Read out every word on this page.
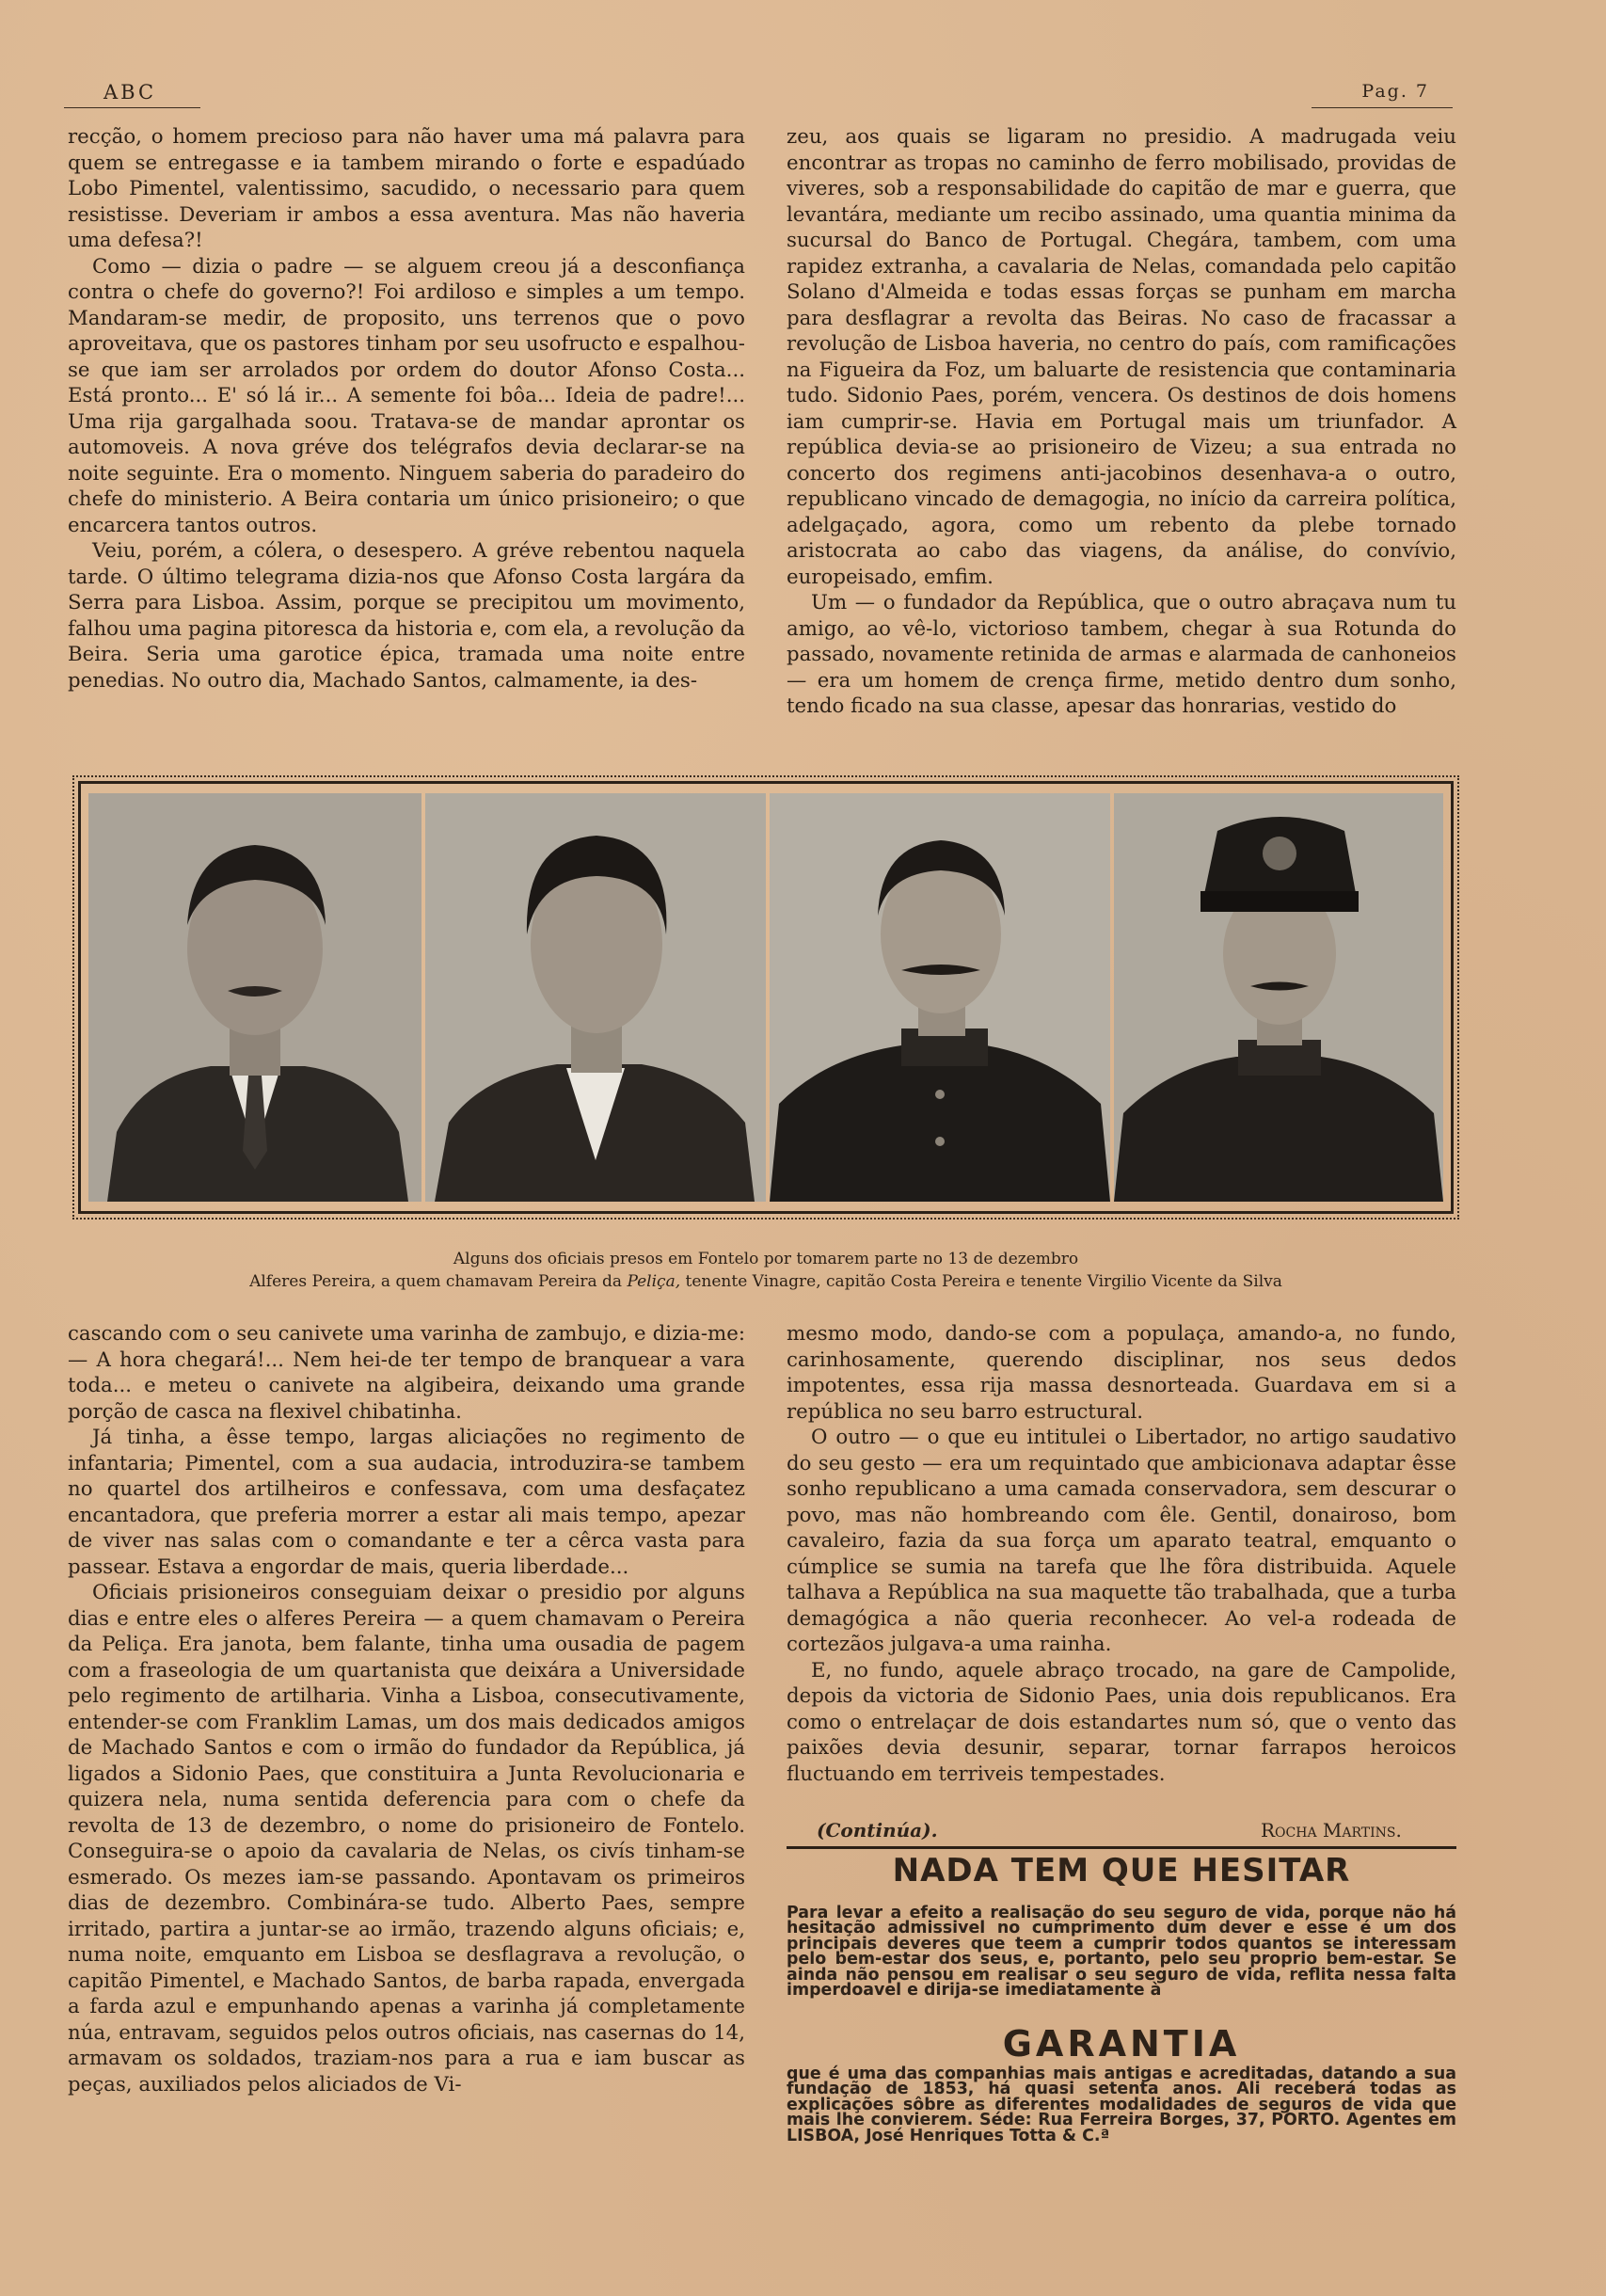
ABC	Pag. 7

recção, o homem precioso para não haver uma má palavra para quem se entregasse e ia tambem mirando o forte e espadúado Lobo Pimentel, valentissimo, sacudido, o necessario para quem resistisse. Deveriam ir ambos a essa aventura. Mas não haveria uma defesa?!

Como — dizia o padre — se alguem creou já a desconfiança contra o chefe do governo?! Foi ardiloso e simples a um tempo. Mandaram-se medir, de proposito, uns terrenos que o povo aproveitava, que os pastores tinham por seu usofructo e espalhou-se que iam ser arrolados por ordem do doutor Afonso Costa... Está pronto... E' só lá ir... A semente foi bôa... Ideia de padre!... Uma rija gargalhada soou. Tratava-se de mandar aprontar os automoveis. A nova gréve dos telégrafos devia declarar-se na noite seguinte. Era o momento. Ninguem saberia do paradeiro do chefe do ministerio. A Beira contaria um único prisioneiro; o que encarcera tantos outros.

Veiu, porém, a cólera, o desespero. A gréve rebentou naquela tarde. O último telegrama dizia-nos que Afonso Costa largára da Serra para Lisboa. Assim, porque se precipitou um movimento, falhou uma pagina pitoresca da historia e, com ela, a revolução da Beira. Seria uma garotice épica, tramada uma noite entre penedias. No outro dia, Machado Santos, calmamente, ia des-

zeu, aos quais se ligaram no presidio. A madrugada veiu encontrar as tropas no caminho de ferro mobilisado, providas de viveres, sob a responsabilidade do capitão de mar e guerra, que levantára, mediante um recibo assinado, uma quantia minima da sucursal do Banco de Portugal. Chegára, tambem, com uma rapidez extranha, a cavalaria de Nelas, comandada pelo capitão Solano d'Almeida e todas essas forças se punham em marcha para desflagrar a revolta das Beiras. No caso de fracassar a revolução de Lisboa haveria, no centro do país, com ramificações na Figueira da Foz, um baluarte de resistencia que contaminaria tudo. Sidonio Paes, porém, vencera. Os destinos de dois homens iam cumprir-se. Havia em Portugal mais um triunfador. A república devia-se ao prisioneiro de Vizeu; a sua entrada no concerto dos regimens anti-jacobinos desenhava-a o outro, republicano vincado de demagogia, no início da carreira política, adelgaçado, agora, como um rebento da plebe tornado aristocrata ao cabo das viagens, da análise, do convívio, europeisado, emfim.

Um — o fundador da República, que o outro abraçava num tu amigo, ao vê-lo, victorioso tambem, chegar à sua Rotunda do passado, novamente retinida de armas e alarmada de canhoneios — era um homem de crença firme, metido dentro dum sonho, tendo ficado na sua classe, apesar das honrarias, vestido do

Alguns dos oficiais presos em Fontelo por tomarem parte no 13 de dezembro
Alferes Pereira, a quem chamavam Pereira da Peliça, tenente Vinagre, capitão Costa Pereira e tenente Virgilio Vicente da Silva

cascando com o seu canivete uma varinha de zambujo, e dizia-me: — A hora chegará!... Nem hei-de ter tempo de branquear a vara toda... e meteu o canivete na algibeira, deixando uma grande porção de casca na flexivel chibatinha.

Já tinha, a êsse tempo, largas aliciações no regimento de infantaria; Pimentel, com a sua audacia, introduzira-se tambem no quartel dos artilheiros e confessava, com uma desfaçatez encantadora, que preferia morrer a estar ali mais tempo, apezar de viver nas salas com o comandante e ter a cêrca vasta para passear. Estava a engordar de mais, queria liberdade...

Oficiais prisioneiros conseguiam deixar o presidio por alguns dias e entre eles o alferes Pereira — a quem chamavam o Pereira da Peliça. Era janota, bem falante, tinha uma ousadia de pagem com a fraseologia de um quartanista que deixára a Universidade pelo regimento de artilharia. Vinha a Lisboa, consecutivamente, entender-se com Franklim Lamas, um dos mais dedicados amigos de Machado Santos e com o irmão do fundador da República, já ligados a Sidonio Paes, que constituira a Junta Revolucionaria e quizera nela, numa sentida deferencia para com o chefe da revolta de 13 de dezembro, o nome do prisioneiro de Fontelo. Conseguira-se o apoio da cavalaria de Nelas, os civís tinham-se esmerado. Os mezes iam-se passando. Apontavam os primeiros dias de dezembro. Combinára-se tudo. Alberto Paes, sempre irritado, partira a juntar-se ao irmão, trazendo alguns oficiais; e, numa noite, emquanto em Lisboa se desflagrava a revolução, o capitão Pimentel, e Machado Santos, de barba rapada, envergada a farda azul e empunhando apenas a varinha já completamente núa, entravam, seguidos pelos outros oficiais, nas casernas do 14, armavam os soldados, traziam-nos para a rua e iam buscar as peças, auxiliados pelos aliciados de Vi-

mesmo modo, dando-se com a populaça, amando-a, no fundo, carinhosamente, querendo disciplinar, nos seus dedos impotentes, essa rija massa desnorteada. Guardava em si a república no seu barro estructural.

O outro — o que eu intitulei o Libertador, no artigo saudativo do seu gesto — era um requintado que ambicionava adaptar êsse sonho republicano a uma camada conservadora, sem descurar o povo, mas não hombreando com êle. Gentil, donairoso, bom cavaleiro, fazia da sua força um aparato teatral, emquanto o cúmplice se sumia na tarefa que lhe fôra distribuida. Aquele talhava a República na sua maquette tão trabalhada, que a turba demagógica a não queria reconhecer. Ao vel-a rodeada de cortezãos julgava-a uma rainha.

E, no fundo, aquele abraço trocado, na gare de Campolide, depois da victoria de Sidonio Paes, unia dois republicanos. Era como o entrelaçar de dois estandartes num só, que o vento das paixões devia desunir, separar, tornar farrapos heroicos fluctuando em terriveis tempestades.

(Continúa).	Rocha Martins.
NADA TEM QUE HESITAR
Para levar a efeito a realisação do seu seguro de vida, porque não há hesitação admissivel no cumprimento dum dever e esse é um dos principais deveres que teem a cumprir todos quantos se interessam pelo bem-estar dos seus, e, portanto, pelo seu proprio bem-estar. Se ainda não pensou em realisar o seu seguro de vida, reflita nessa falta imperdoavel e dirija-se imediatamente à
GARANTIA
que é uma das companhias mais antigas e acreditadas, datando a sua fundação de 1853, há quasi setenta anos. Ali receberá todas as explicações sôbre as diferentes modalidades de seguros de vida que mais lhe convierem. Séde: Rua Ferreira Borges, 37, PORTO. Agentes em LISBOA, José Henriques Totta & C.ª
